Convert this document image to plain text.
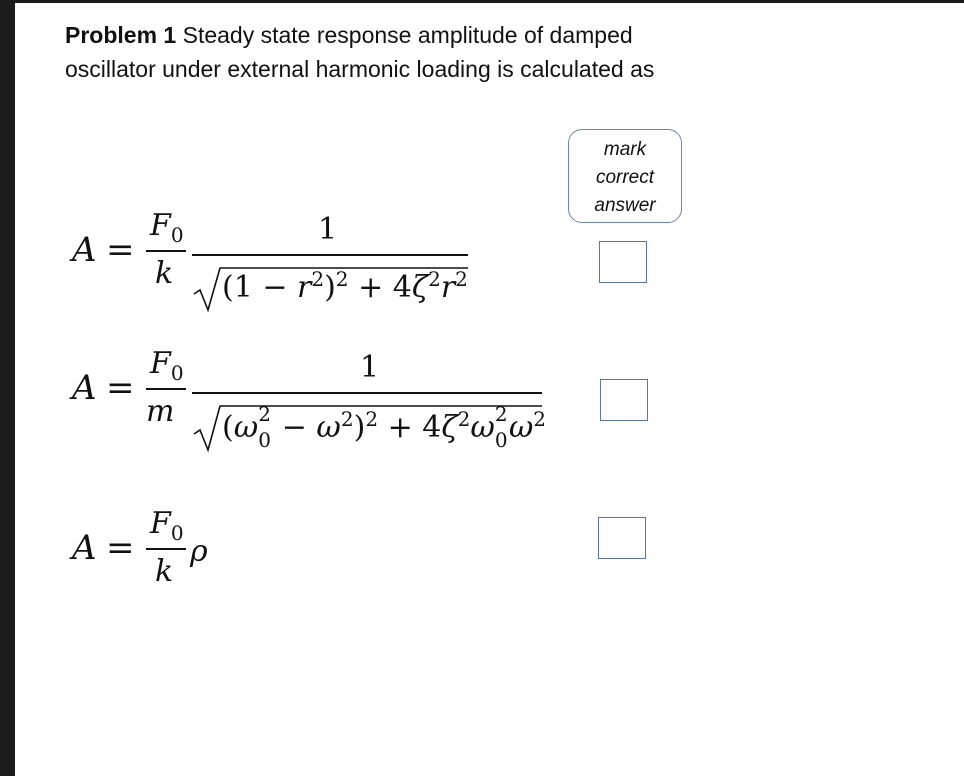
Problem 1 Steady state response amplitude of damped
oscillator under external harmonic loading is calculated as
mark
correct
answer
A =
$F_0$
k
1
$(1 - r^2)^2 + 4\zeta^2r^2$
A =
$F_0$
m
1
(ω 2
$0 - \omega^2)^2 + 4\zeta^2\omega$ 2
0 $\omega^2$
A =
$F_0$
k
ρ
